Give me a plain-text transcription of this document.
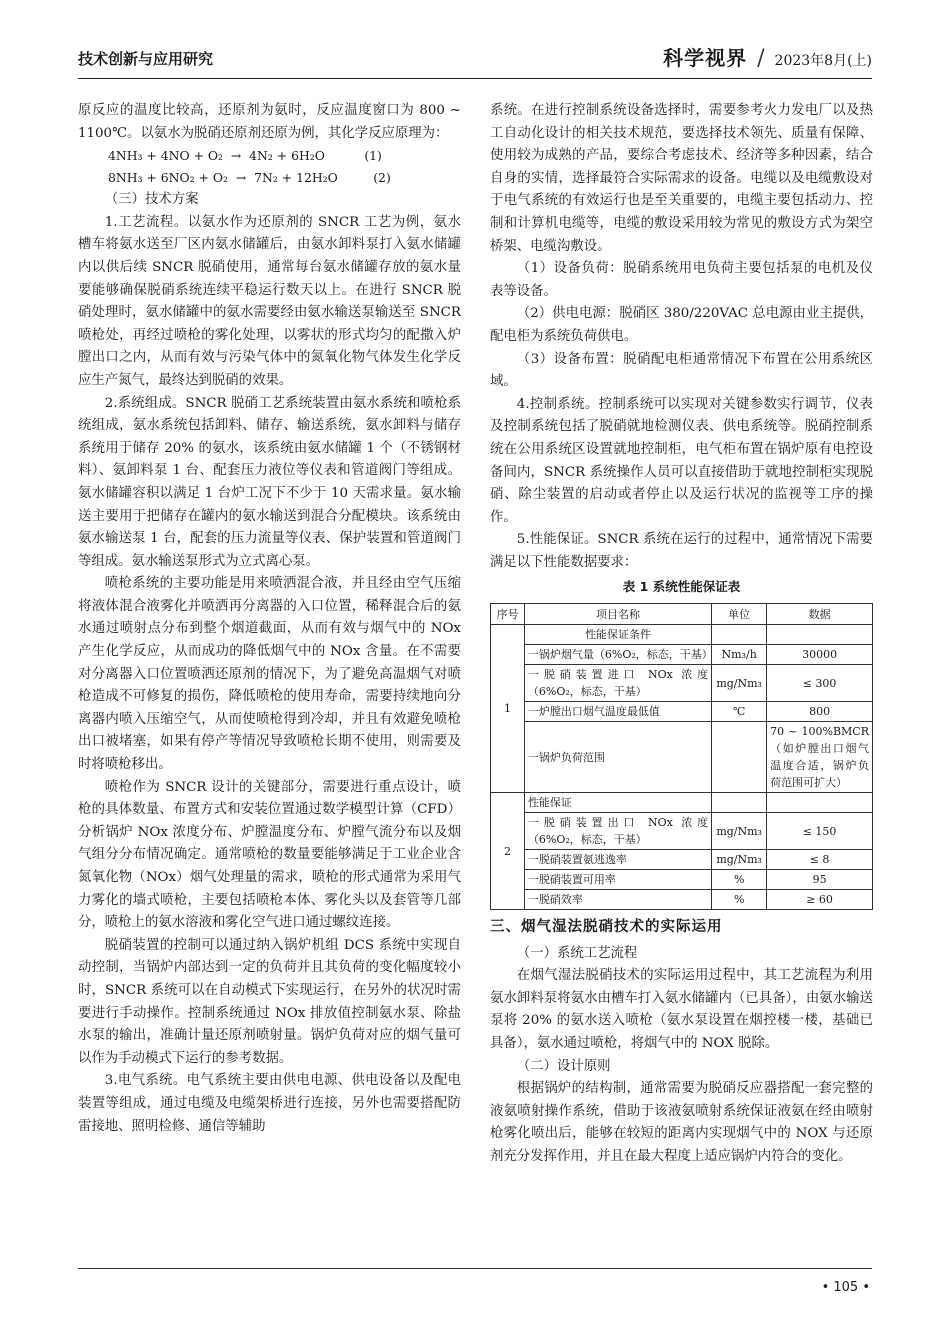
技术创新与应用研究	科学视界 / 2023年8月(上)

原反应的温度比较高，还原剂为氨时，反应温度窗口为 800 ~ 1100℃。以氨水为脱硝还原剂还原为例，其化学反应原理为：

4NH₃ + 4NO + O₂  →  4N₂ + 6H₂O          (1)
8NH₃ + 6NO₂ + O₂  →  7N₂ + 12H₂O         (2)

（三）技术方案

1.工艺流程。以氨水作为还原剂的 SNCR 工艺为例，氨水槽车将氨水送至厂区内氨水储罐后，由氨水卸料泵打入氨水储罐内以供后续 SNCR 脱硝使用，通常每台氨水储罐存放的氨水量要能够确保脱硝系统连续平稳运行数天以上。在进行 SNCR 脱硝处理时，氨水储罐中的氨水需要经由氨水输送泵输送至 SNCR 喷枪处，再经过喷枪的雾化处理，以雾状的形式均匀的配撒入炉膛出口之内，从而有效与污染气体中的氮氧化物气体发生化学反应生产氮气，最终达到脱硝的效果。

2.系统组成。SNCR 脱硝工艺系统装置由氨水系统和喷枪系统组成，氨水系统包括卸料、储存、输送系统，氨水卸料与储存系统用于储存 20% 的氨水，该系统由氨水储罐 1 个（不锈钢材料）、氨卸料泵 1 台、配套压力液位等仪表和管道阀门等组成。氨水储罐容积以满足 1 台炉工况下不少于 10 天需求量。氨水输送主要用于把储存在罐内的氨水输送到混合分配模块。该系统由氨水输送泵 1 台，配套的压力流量等仪表、保护装置和管道阀门等组成。氨水输送泵形式为立式离心泵。

喷枪系统的主要功能是用来喷洒混合液，并且经由空气压缩将液体混合液雾化并喷洒再分离器的入口位置，稀释混合后的氨水通过喷射点分布到整个烟道截面，从而有效与烟气中的 NOx 产生化学反应，从而成功的降低烟气中的 NOx 含量。在不需要对分离器入口位置喷洒还原剂的情况下，为了避免高温烟气对喷枪造成不可修复的损伤，降低喷枪的使用寿命，需要持续地向分离器内喷入压缩空气，从而使喷枪得到冷却，并且有效避免喷枪出口被堵塞，如果有停产等情况导致喷枪长期不使用，则需要及时将喷枪移出。

喷枪作为 SNCR 设计的关键部分，需要进行重点设计，喷枪的具体数量、布置方式和安装位置通过数学模型计算（CFD）分析锅炉 NOx 浓度分布、炉膛温度分布、炉膛气流分布以及烟气组分分布情况确定。通常喷枪的数量要能够满足于工业企业含氮氧化物（NOx）烟气处理量的需求，喷枪的形式通常为采用气力雾化的墙式喷枪，主要包括喷枪本体、雾化头以及套管等几部分，喷枪上的氨水溶液和雾化空气进口通过螺纹连接。

脱硝装置的控制可以通过纳入锅炉机组 DCS 系统中实现自动控制，当锅炉内部达到一定的负荷并且其负荷的变化幅度较小时，SNCR 系统可以在自动模式下实现运行，在另外的状况时需要进行手动操作。控制系统通过 NOx 排放值控制氨水泵、除盐水泵的输出，准确计量还原剂喷射量。锅炉负荷对应的烟气量可以作为手动模式下运行的参考数据。

3.电气系统。电气系统主要由供电电源、供电设备以及配电装置等组成，通过电缆及电缆架桥进行连接，另外也需要搭配防雷接地、照明检修、通信等辅助

系统。在进行控制系统设备选择时，需要参考火力发电厂以及热工自动化设计的相关技术规范，要选择技术领先、质量有保障、使用较为成熟的产品，要综合考虑技术、经济等多种因素，结合自身的实情，选择最符合实际需求的设备。电缆以及电缆敷设对于电气系统的有效运行也是至关重要的，电缆主要包括动力、控制和计算机电缆等，电缆的敷设采用较为常见的敷设方式为架空桥架、电缆沟敷设。

（1）设备负荷：脱硝系统用电负荷主要包括泵的电机及仪表等设备。

（2）供电电源：脱硝区 380/220VAC 总电源由业主提供，配电柜为系统负荷供电。

（3）设备布置：脱硝配电柜通常情况下布置在公用系统区域。

4.控制系统。控制系统可以实现对关键参数实行调节，仪表及控制系统包括了脱硝就地检测仪表、供电系统等。脱硝控制系统在公用系统区设置就地控制柜，电气柜布置在锅炉原有电控设备间内，SNCR 系统操作人员可以直接借助于就地控制柜实现脱硝、除尘装置的启动或者停止以及运行状况的监视等工序的操作。

5.性能保证。SNCR 系统在运行的过程中，通常情况下需要满足以下性能数据要求：

表 1 系统性能保证表
序号	项目名称	单位	数据
1	性能保证条件		
	一锅炉烟气量（6%O₂，标态，干基）	Nm₃/h	30000
	一脱硝装置进口 NOx 浓度（6%O₂，标态，干基）	mg/Nm₃	≤ 300
	一炉膛出口烟气温度最低值	℃	800
	一锅炉负荷范围		70 ~ 100%BMCR（如炉膛出口烟气温度合适，锅炉负荷范围可扩大）
2	性能保证		
	一脱硝装置出口 NOx 浓度（6%O₂，标态，干基）	mg/Nm₃	≤ 150
	一脱硝装置氨逃逸率	mg/Nm₃	≤ 8
	一脱硝装置可用率	%	95
	一脱硝效率	%	≥ 60
三、烟气湿法脱硝技术的实际运用

（一）系统工艺流程

在烟气湿法脱硝技术的实际运用过程中，其工艺流程为利用氨水卸料泵将氨水由槽车打入氨水储罐内（已具备），由氨水输送泵将 20% 的氨水送入喷枪（氨水泵设置在烟控楼一楼，基础已具备），氨水通过喷枪，将烟气中的 NOX 脱除。

（二）设计原则

根据锅炉的结构制，通常需要为脱硝反应器搭配一套完整的液氨喷射操作系统，借助于该液氨喷射系统保证液氨在经由喷射枪雾化喷出后，能够在较短的距离内实现烟气中的 NOX 与还原剂充分发挥作用，并且在最大程度上适应锅炉内符合的变化。

• 105 •
